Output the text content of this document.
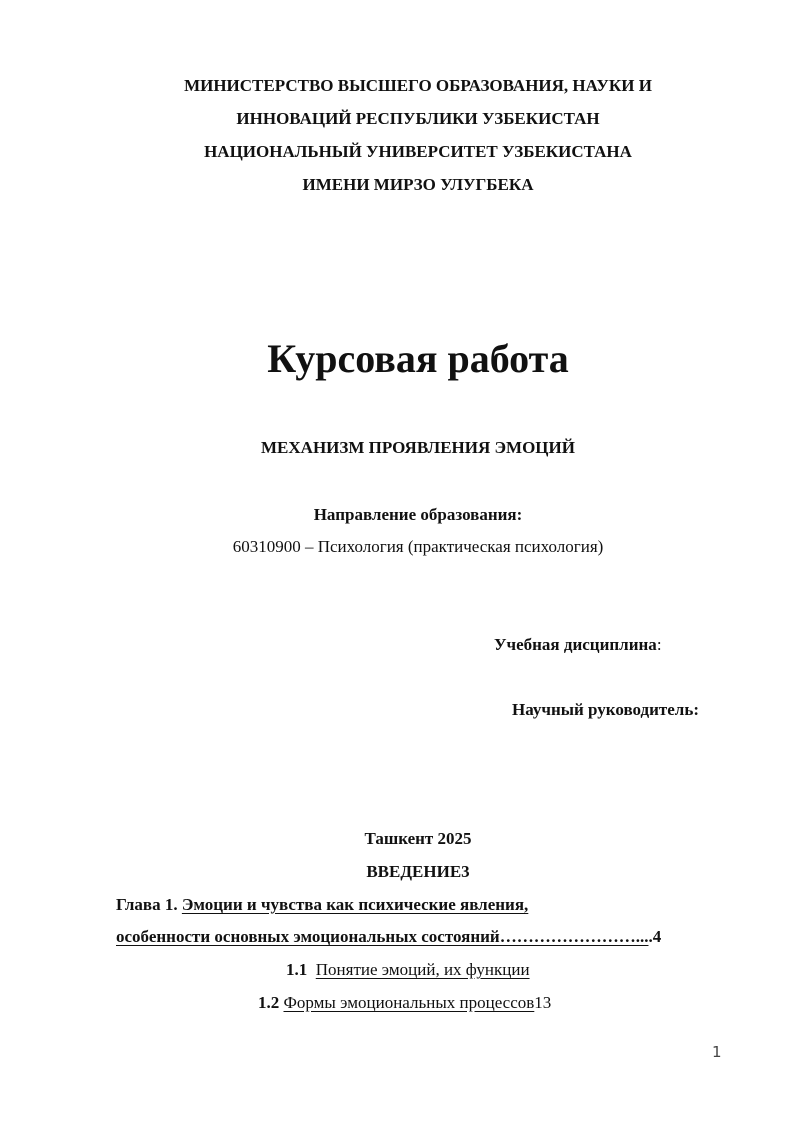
МИНИСТЕРСТВО ВЫСШЕГО ОБРАЗОВАНИЯ, НАУКИ И
ИННОВАЦИЙ РЕСПУБЛИКИ УЗБЕКИСТАН
НАЦИОНАЛЬНЫЙ УНИВЕРСИТЕТ УЗБЕКИСТАНА
ИМЕНИ МИРЗО УЛУГБЕКА
Курсовая работа
МЕХАНИЗМ ПРОЯВЛЕНИЯ ЭМОЦИЙ
Направление образования:
60310900 – Психология (практическая психология)
Учебная дисциплина:
Научный руководитель:
Ташкент 2025
ВВЕДЕНИЕ3
Глава 1. Эмоции и чувства как психические явления,
особенности основных эмоциональных состояний……………………....4
1.1 Понятие эмоций, их функции
1.2 Формы эмоциональных процессов13
1
